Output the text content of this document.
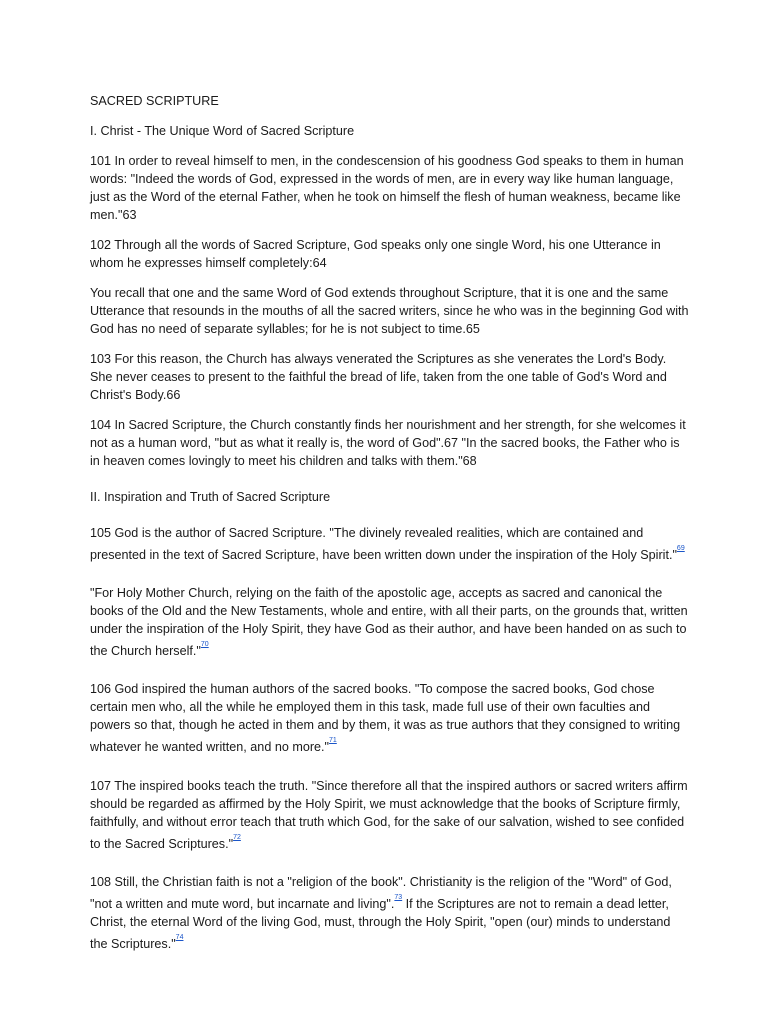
SACRED SCRIPTURE

I. Christ - The Unique Word of Sacred Scripture

101 In order to reveal himself to men, in the condescension of his goodness God speaks to them in human words: "Indeed the words of God, expressed in the words of men, are in every way like human language, just as the Word of the eternal Father, when he took on himself the flesh of human weakness, became like men."63

102 Through all the words of Sacred Scripture, God speaks only one single Word, his one Utterance in whom he expresses himself completely:64

You recall that one and the same Word of God extends throughout Scripture, that it is one and the same Utterance that resounds in the mouths of all the sacred writers, since he who was in the beginning God with God has no need of separate syllables; for he is not subject to time.65

103 For this reason, the Church has always venerated the Scriptures as she venerates the Lord's Body. She never ceases to present to the faithful the bread of life, taken from the one table of God's Word and Christ's Body.66

104 In Sacred Scripture, the Church constantly finds her nourishment and her strength, for she welcomes it not as a human word, "but as what it really is, the word of God".67 "In the sacred books, the Father who is in heaven comes lovingly to meet his children and talks with them."68

II. Inspiration and Truth of Sacred Scripture

105 God is the author of Sacred Scripture. "The divinely revealed realities, which are contained and presented in the text of Sacred Scripture, have been written down under the inspiration of the Holy Spirit."$^{^{69}}$

"For Holy Mother Church, relying on the faith of the apostolic age, accepts as sacred and canonical the books of the Old and the New Testaments, whole and entire, with all their parts, on the grounds that, written under the inspiration of the Holy Spirit, they have God as their author, and have been handed on as such to the Church herself."$^{^{70}}$

106 God inspired the human authors of the sacred books. "To compose the sacred books, God chose certain men who, all the while he employed them in this task, made full use of their own faculties and powers so that, though he acted in them and by them, it was as true authors that they consigned to writing whatever he wanted written, and no more."$^{^{71}}$

107 The inspired books teach the truth. "Since therefore all that the inspired authors or sacred writers affirm should be regarded as affirmed by the Holy Spirit, we must acknowledge that the books of Scripture firmly, faithfully, and without error teach that truth which God, for the sake of our salvation, wished to see confided to the Sacred Scriptures."$^{^{72}}$

108 Still, the Christian faith is not a "religion of the book". Christianity is the religion of the "Word" of God, "not a written and mute word, but incarnate and living".$^{^{73}}$ If the Scriptures are not to remain a dead letter, Christ, the eternal Word of the living God, must, through the Holy Spirit, "open (our) minds to understand the Scriptures."$^{^{74}}$
